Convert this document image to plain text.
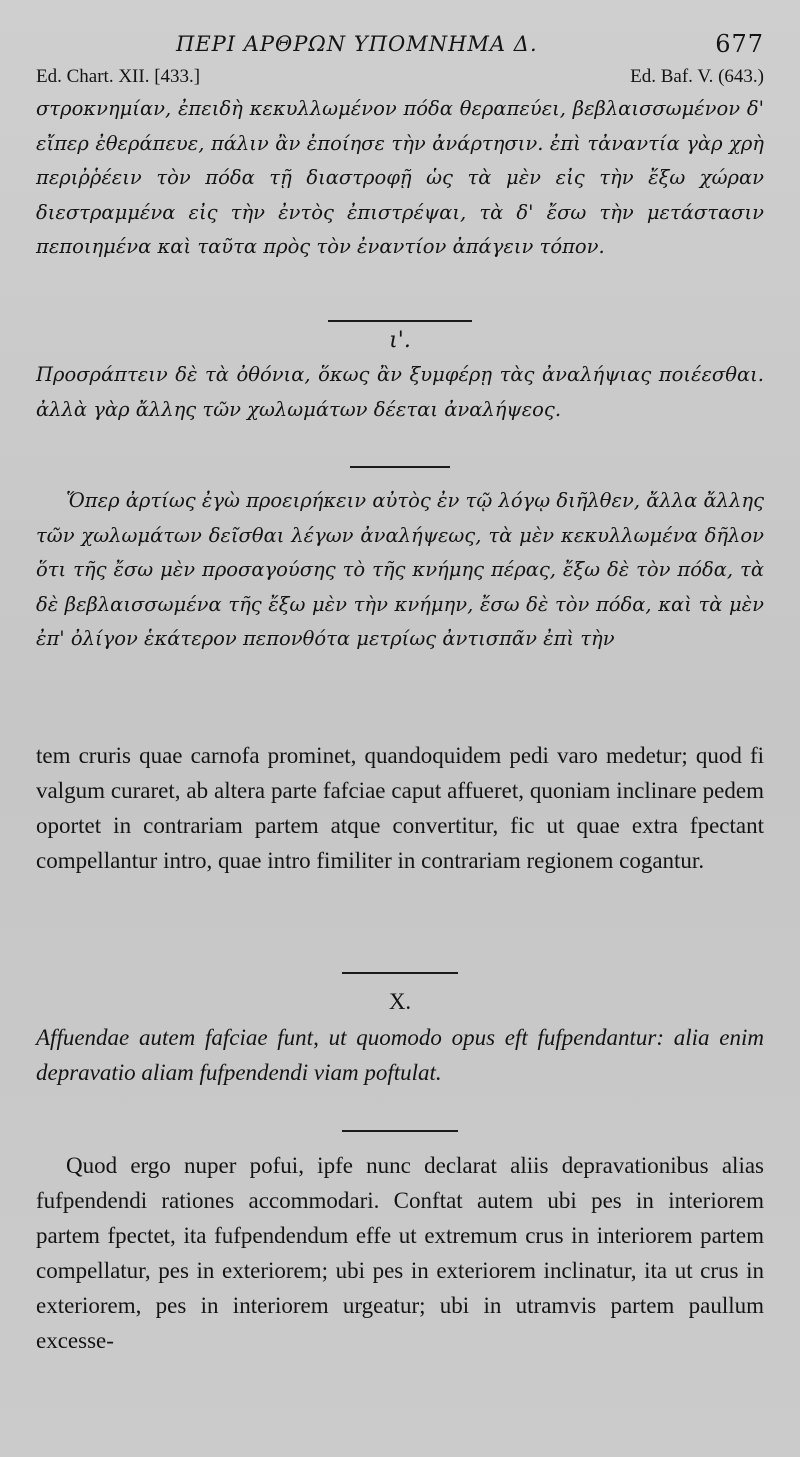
ΠΕΡΙ ΑΡΘΡΩΝ ΥΠΟΜΝΗΜΑ Δ.	677
Ed. Chart. XII. [433.]	Ed. Baf. V. (643.)

στροκνημίαν, ἐπειδὴ κεκυλλωμένον πόδα θεραπεύει, βεβλαισσωμένον δ' εἴπερ ἐθεράπευε, πάλιν ἂν ἐποίησε τὴν ἀνάρτησιν. ἐπὶ τἀναντία γὰρ χρὴ περιῤῥέειν τὸν πόδα τῇ διαστροφῇ ὡς τὰ μὲν εἰς τὴν ἔξω χώραν διεστραμμένα εἰς τὴν ἐντὸς ἐπιστρέψαι, τὰ δ' ἔσω τὴν μετάστασιν πεποιημένα καὶ ταῦτα πρὸς τὸν ἐναντίον ἀπάγειν τόπον.

ι'.

Προσράπτειν δὲ τὰ ὀθόνια, ὅκως ἂν ξυμφέρῃ τὰς ἀναλήψιας ποιέεσθαι. ἀλλὰ γὰρ ἄλλης τῶν χωλωμάτων δέεται ἀναλήψεος.

Ὅπερ ἀρτίως ἐγὼ προειρήκειν αὐτὸς ἐν τῷ λόγῳ διῆλθεν, ἄλλα ἄλλης τῶν χωλωμάτων δεῖσθαι λέγων ἀναλήψεως, τὰ μὲν κεκυλλωμένα δῆλον ὅτι τῆς ἔσω μὲν προσαγούσης τὸ τῆς κνήμης πέρας, ἔξω δὲ τὸν πόδα, τὰ δὲ βεβλαισσωμένα τῆς ἔξω μὲν τὴν κνήμην, ἔσω δὲ τὸν πόδα, καὶ τὰ μὲν ἐπ' ὀλίγον ἑκάτερον πεπονθότα μετρίως ἀντισπᾶν ἐπὶ τὴν

tem cruris quae carnofa prominet, quandoquidem pedi varo medetur; quod fi valgum curaret, ab altera parte fafciae caput affueret, quoniam inclinare pedem oportet in contrariam partem atque convertitur, fic ut quae extra fpectant compellantur intro, quae intro fimiliter in contrariam regionem cogantur.

X.

Affuendae autem fafciae funt, ut quomodo opus eft fufpendantur: alia enim depravatio aliam fufpendendi viam poftulat.

Quod ergo nuper pofui, ipfe nunc declarat aliis depravationibus alias fufpendendi rationes accommodari. Conftat autem ubi pes in interiorem partem fpectet, ita fufpendendum effe ut extremum crus in interiorem partem compellatur, pes in exteriorem; ubi pes in exteriorem inclinatur, ita ut crus in exteriorem, pes in interiorem urgeatur; ubi in utramvis partem paullum excesse-
